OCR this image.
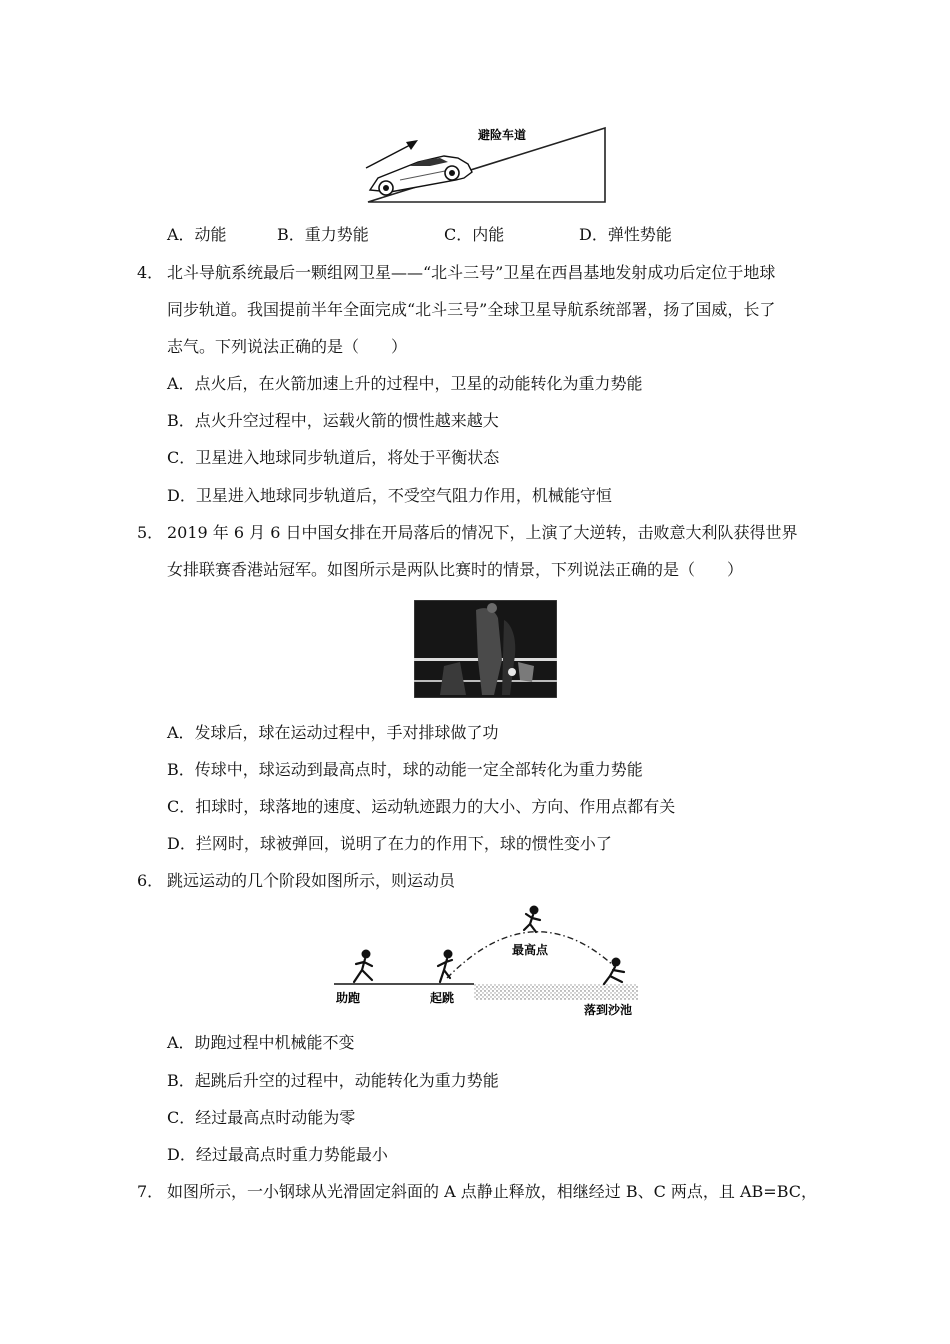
避险车道
A．动能	B．重力势能	C．内能	D．弹性势能
4． 北斗导航系统最后一颗组网卫星——“北斗三号”卫星在西昌基地发射成功后定位于地球
同步轨道。我国提前半年全面完成“北斗三号”全球卫星导航系统部署，扬了国威，长了
志气。下列说法正确的是（　　）
A．点火后，在火箭加速上升的过程中，卫星的动能转化为重力势能
B．点火升空过程中，运载火箭的惯性越来越大
C．卫星进入地球同步轨道后，将处于平衡状态
D．卫星进入地球同步轨道后，不受空气阻力作用，机械能守恒
5． 2019 年 6 月 6 日中国女排在开局落后的情况下，上演了大逆转，击败意大利队获得世界
女排联赛香港站冠军。如图所示是两队比赛时的情景，下列说法正确的是（　　）
A．发球后，球在运动过程中，手对排球做了功
B．传球中，球运动到最高点时，球的动能一定全部转化为重力势能
C．扣球时，球落地的速度、运动轨迹跟力的大小、方向、作用点都有关
D．拦网时，球被弹回，说明了在力的作用下，球的惯性变小了
6． 跳远运动的几个阶段如图所示，则运动员
助跑	起跳
最高点
落到沙池
A．助跑过程中机械能不变
B．起跳后升空的过程中，动能转化为重力势能
C．经过最高点时动能为零
D．经过最高点时重力势能最小
7． 如图所示，一小钢球从光滑固定斜面的 A 点静止释放，相继经过 B、C 两点，且 AB=BC，
